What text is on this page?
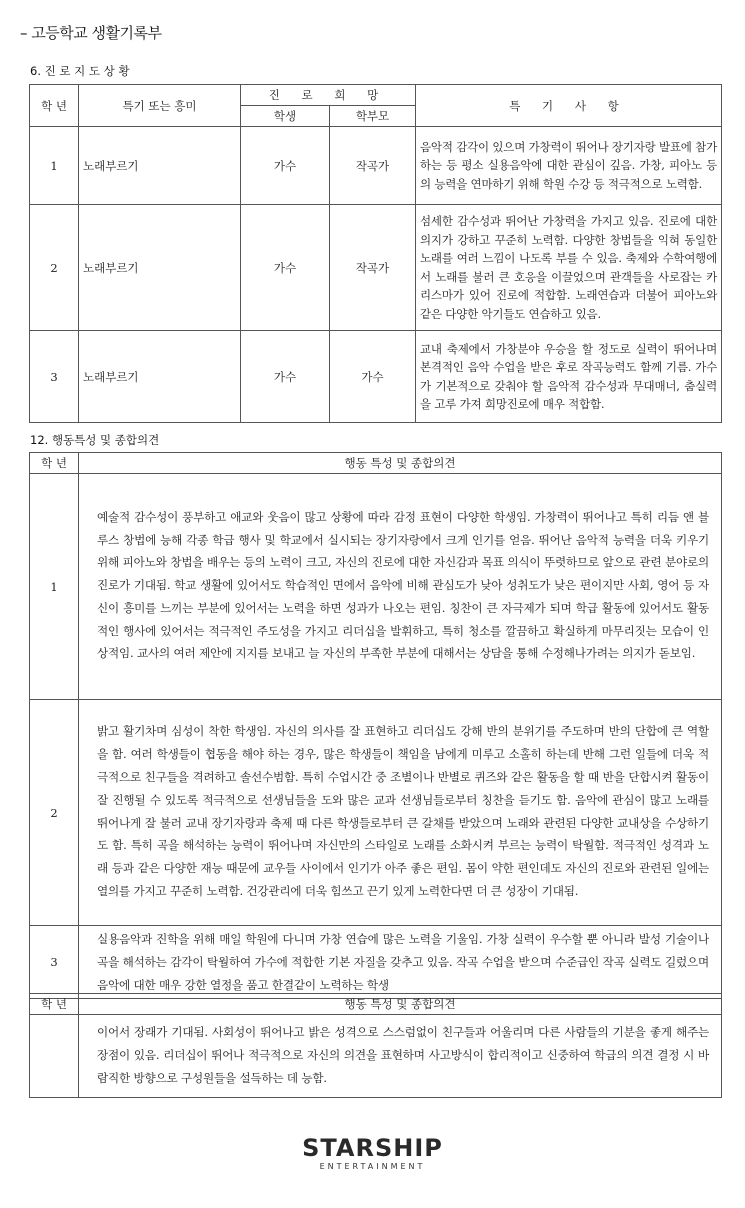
– 고등학교 생활기록부
6. 진 로 지 도 상 황
학 년	특기 또는 흥미	진 로 희 망		특 기 사 항
		학생	학부모	
1	노래부르기	가수	작곡가	음악적 감각이 있으며 가창력이 뛰어나 장기자랑 발표에 참가하는 등 평소 실용음악에 대한 관심이 깊음. 가창, 피아노 등의 능력을 연마하기 위해 학원 수강 등 적극적으로 노력함.
2	노래부르기	가수	작곡가	섬세한 감수성과 뛰어난 가창력을 가지고 있음. 진로에 대한 의지가 강하고 꾸준히 노력함. 다양한 창법들을 익혀 동일한 노래를 여러 느낌이 나도록 부를 수 있음. 축제와 수학여행에서 노래를 불러 큰 호응을 이끌었으며 관객들을 사로잡는 카리스마가 있어 진로에 적합함. 노래연습과 더불어 피아노와 같은 다양한 악기들도 연습하고 있음.
3	노래부르기	가수	가수	교내 축제에서 가창분야 우승을 할 정도로 실력이 뛰어나며 본격적인 음악 수업을 받은 후로 작곡능력도 함께 기름. 가수가 기본적으로 갖춰야 할 음악적 감수성과 무대매너, 춤실력을 고루 가져 희망진로에 매우 적합함.
12. 행동특성 및 종합의견
학 년	행동 특성 및 종합의견
1	예술적 감수성이 풍부하고 애교와 웃음이 많고 상황에 따라 감정 표현이 다양한 학생임. 가창력이 뛰어나고 특히 리듬 앤 블루스 창법에 능해 각종 학급 행사 및 학교에서 실시되는 장기자랑에서 크게 인기를 얻음. 뛰어난 음악적 능력을 더욱 키우기 위해 피아노와 창법을 배우는 등의 노력이 크고, 자신의 진로에 대한 자신감과 목표 의식이 뚜렷하므로 앞으로 관련 분야로의 진로가 기대됨. 학교 생활에 있어서도 학습적인 면에서 음악에 비해 관심도가 낮아 성취도가 낮은 편이지만 사회, 영어 등 자신이 흥미를 느끼는 부분에 있어서는 노력을 하면 성과가 나오는 편임. 칭찬이 큰 자극제가 되며 학급 활동에 있어서도 활동적인 행사에 있어서는 적극적인 주도성을 가지고 리더십을 발휘하고, 특히 청소를 깔끔하고 확실하게 마무리짓는 모습이 인상적임. 교사의 여러 제안에 지지를 보내고 늘 자신의 부족한 부분에 대해서는 상담을 통해 수정해나가려는 의지가 돋보임.
2	밝고 활기차며 심성이 착한 학생임. 자신의 의사를 잘 표현하고 리더십도 강해 반의 분위기를 주도하며 반의 단합에 큰 역할을 함. 여러 학생들이 협동을 해야 하는 경우, 많은 학생들이 책임을 남에게 미루고 소홀히 하는데 반해 그런 일들에 더욱 적극적으로 친구들을 격려하고 솔선수범함. 특히 수업시간 중 조별이나 반별로 퀴즈와 같은 활동을 할 때 반을 단합시켜 활동이 잘 진행될 수 있도록 적극적으로 선생님들을 도와 많은 교과 선생님들로부터 칭찬을 듣기도 함. 음악에 관심이 많고 노래를 뛰어나게 잘 불러 교내 장기자랑과 축제 때 다른 학생들로부터 큰 갈채를 받았으며 노래와 관련된 다양한 교내상을 수상하기도 함. 특히 곡을 해석하는 능력이 뛰어나며 자신만의 스타일로 노래를 소화시켜 부르는 능력이 탁월함. 적극적인 성격과 노래 등과 같은 다양한 재능 때문에 교우들 사이에서 인기가 아주 좋은 편임. 몸이 약한 편인데도 자신의 진로와 관련된 일에는 열의를 가지고 꾸준히 노력함. 건강관리에 더욱 힘쓰고 끈기 있게 노력한다면 더 큰 성장이 기대됨.
3	실용음악과 진학을 위해 매일 학원에 다니며 가창 연습에 많은 노력을 기울임. 가창 실력이 우수할 뿐 아니라 발성 기술이나 곡을 해석하는 감각이 탁월하여 가수에 적합한 기본 자질을 갖추고 있음. 작곡 수업을 받으며 수준급인 작곡 실력도 길렀으며 음악에 대한 매우 강한 열정을 품고 한결같이 노력하는 학생
학 년	행동 특성 및 종합의견
	이어서 장래가 기대됨. 사회성이 뛰어나고 밝은 성격으로 스스럼없이 친구들과 어울리며 다른 사람들의 기분을 좋게 해주는 장점이 있음. 리더십이 뛰어나 적극적으로 자신의 의견을 표현하며 사고방식이 합리적이고 신중하여 학급의 의견 결정 시 바람직한 방향으로 구성원들을 설득하는 데 능함.
STARSHIP
ENTERTAINMENT
